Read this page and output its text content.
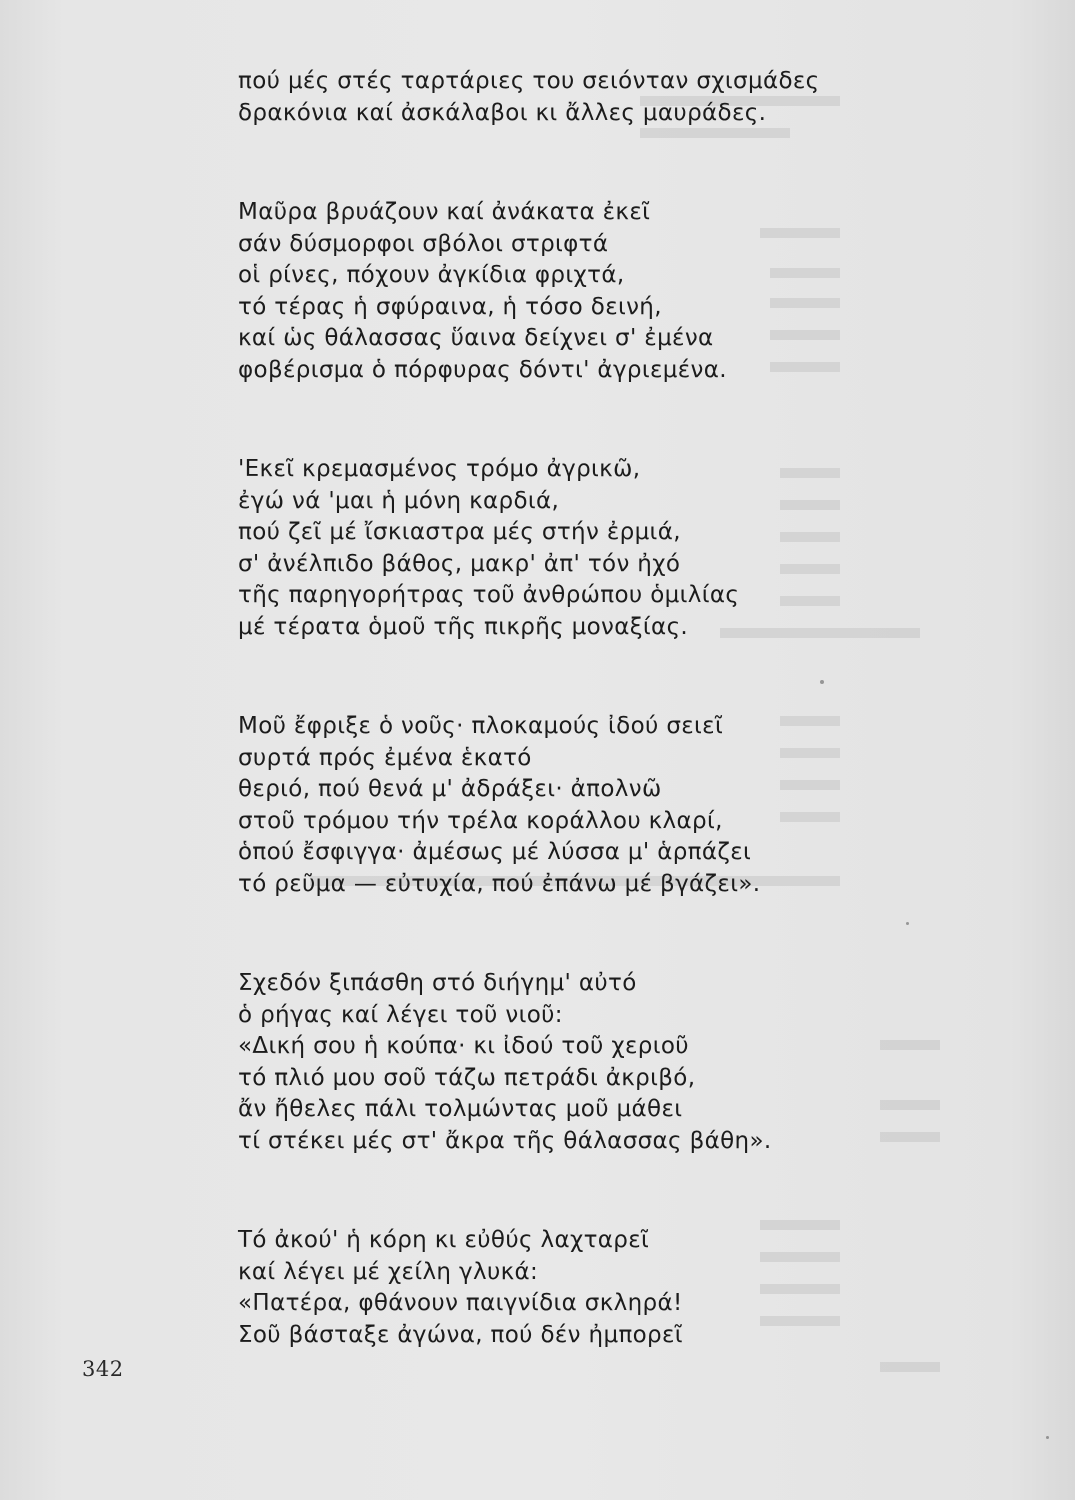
πού μές στές ταρτάριες του σειόνταν σχισμάδες
δρακόνια καί ἀσκάλαβοι κι ἄλλες μαυράδες.
Μαῦρα βρυάζουν καί ἀνάκατα ἐκεῖ
σάν δύσμορφοι σβόλοι στριφτά
οἱ ρίνες, πόχουν ἀγκίδια φριχτά,
τό τέρας ἡ σφύραινα, ἡ τόσο δεινή,
καί ὡς θάλασσας ὕαινα δείχνει σ' ἐμένα
φοβέρισμα ὁ πόρφυρας δόντι' ἀγριεμένα.
'Εκεῖ κρεμασμένος τρόμο ἀγρικῶ,
ἐγώ νά 'μαι ἡ μόνη καρδιά,
πού ζεῖ μέ ἴσκιαστρα μές στήν ἐρμιά,
σ' ἀνέλπιδο βάθος, μακρ' ἀπ' τόν ἠχό
τῆς παρηγορήτρας τοῦ ἀνθρώπου ὁμιλίας
μέ τέρατα ὁμοῦ τῆς πικρῆς μοναξίας.
Μοῦ ἔφριξε ὁ νοῦς· πλοκαμούς ἰδού σειεῖ
συρτά πρός ἐμένα ἑκατό
θεριό, πού θενά μ' ἀδράξει· ἀπολνῶ
στοῦ τρόμου τήν τρέλα κοράλλου κλαρί,
ὁπού ἔσφιγγα· ἀμέσως μέ λύσσα μ' ἁρπάζει
τό ρεῦμα — εὐτυχία, πού ἐπάνω μέ βγάζει».
Σχεδόν ξιπάσθη στό διήγημ' αὐτό
ὁ ρήγας καί λέγει τοῦ νιοῦ:
«Δική σου ἡ κούπα· κι ἰδού τοῦ χεριοῦ
τό πλιό μου σοῦ τάζω πετράδι ἀκριβό,
ἄν ἤθελες πάλι τολμώντας μοῦ μάθει
τί στέκει μές στ' ἄκρα τῆς θάλασσας βάθη».
Τό ἀκού' ἡ κόρη κι εὐθύς λαχταρεῖ
καί λέγει μέ χείλη γλυκά:
«Πατέρα, φθάνουν παιγνίδια σκληρά!
Σοῦ βάσταξε ἀγώνα, πού δέν ἠμπορεῖ
342
